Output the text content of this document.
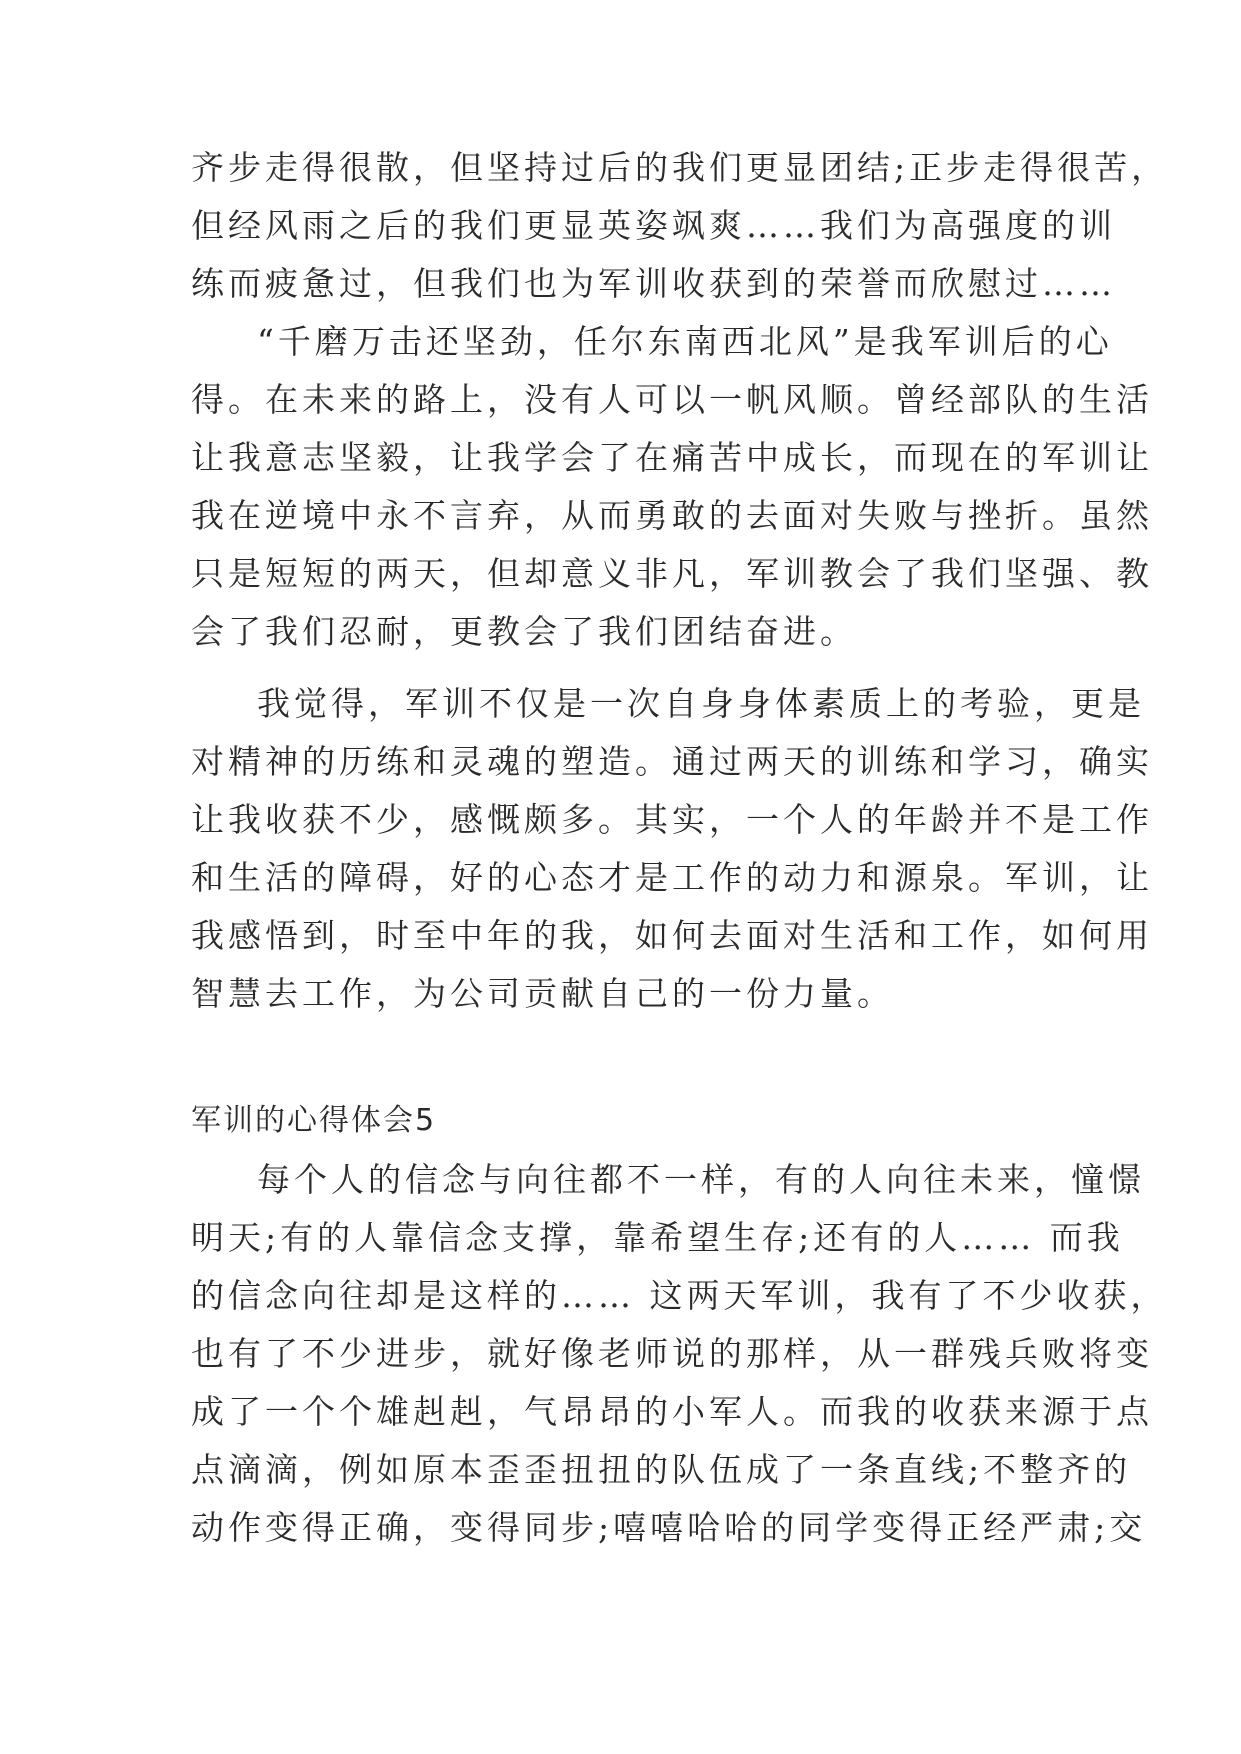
齐步走得很散，但坚持过后的我们更显团结;正步走得很苦，
但经风雨之后的我们更显英姿飒爽……我们为高强度的训
练而疲惫过，但我们也为军训收获到的荣誉而欣慰过……
“千磨万击还坚劲，任尔东南西北风”是我军训后的心
得。在未来的路上，没有人可以一帆风顺。曾经部队的生活
让我意志坚毅，让我学会了在痛苦中成长，而现在的军训让
我在逆境中永不言弃，从而勇敢的去面对失败与挫折。虽然
只是短短的两天，但却意义非凡，军训教会了我们坚强、教
会了我们忍耐，更教会了我们团结奋进。
我觉得，军训不仅是一次自身身体素质上的考验，更是
对精神的历练和灵魂的塑造。通过两天的训练和学习，确实
让我收获不少，感慨颇多。其实，一个人的年龄并不是工作
和生活的障碍，好的心态才是工作的动力和源泉。军训，让
我感悟到，时至中年的我，如何去面对生活和工作，如何用
智慧去工作，为公司贡献自己的一份力量。
军训的心得体会5
每个人的信念与向往都不一样，有的人向往未来，憧憬
明天;有的人靠信念支撑，靠希望生存;还有的人…… 而我
的信念向往却是这样的…… 这两天军训，我有了不少收获，
也有了不少进步，就好像老师说的那样，从一群残兵败将变
成了一个个雄赳赳，气昂昂的小军人。而我的收获来源于点
点滴滴，例如原本歪歪扭扭的队伍成了一条直线;不整齐的
动作变得正确，变得同步;嘻嘻哈哈的同学变得正经严肃;交
